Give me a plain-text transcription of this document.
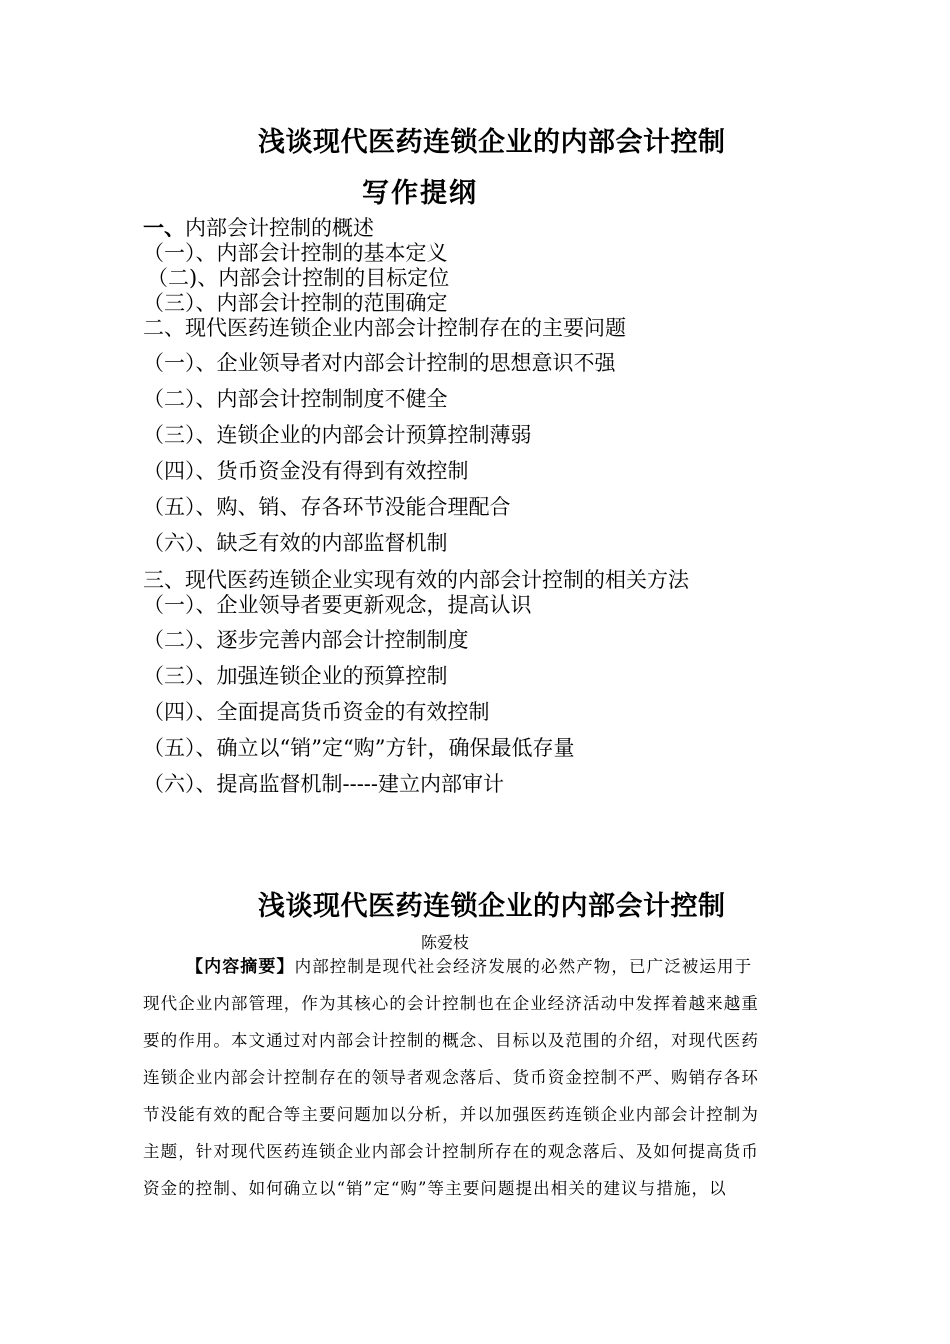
浅谈现代医药连锁企业的内部会计控制
写作提纲
一、内部会计控制的概述
（一）、内部会计控制的基本定义
（二)、内部会计控制的目标定位
（三）、内部会计控制的范围确定
二、现代医药连锁企业内部会计控制存在的主要问题
（一）、企业领导者对内部会计控制的思想意识不强
（二）、内部会计控制制度不健全
（三）、连锁企业的内部会计预算控制薄弱
（四）、货币资金没有得到有效控制
（五）、购、销、存各环节没能合理配合
（六）、缺乏有效的内部监督机制
三、现代医药连锁企业实现有效的内部会计控制的相关方法
（一）、企业领导者要更新观念，提高认识
（二）、逐步完善内部会计控制制度
（三）、加强连锁企业的预算控制
（四）、全面提高货币资金的有效控制
（五）、确立以“销”定“购”方针，确保最低存量
（六）、提高监督机制-----建立内部审计
浅谈现代医药连锁企业的内部会计控制
陈爱枝
【内容摘要】内部控制是现代社会经济发展的必然产物，已广泛被运用于
现代企业内部管理，作为其核心的会计控制也在企业经济活动中发挥着越来越重
要的作用。本文通过对内部会计控制的概念、目标以及范围的介绍，对现代医药
连锁企业内部会计控制存在的领导者观念落后、货币资金控制不严、购销存各环
节没能有效的配合等主要问题加以分析，并以加强医药连锁企业内部会计控制为
主题，针对现代医药连锁企业内部会计控制所存在的观念落后、及如何提高货币
资金的控制、如何确立以“销”定“购”等主要问题提出相关的建议与措施，以
